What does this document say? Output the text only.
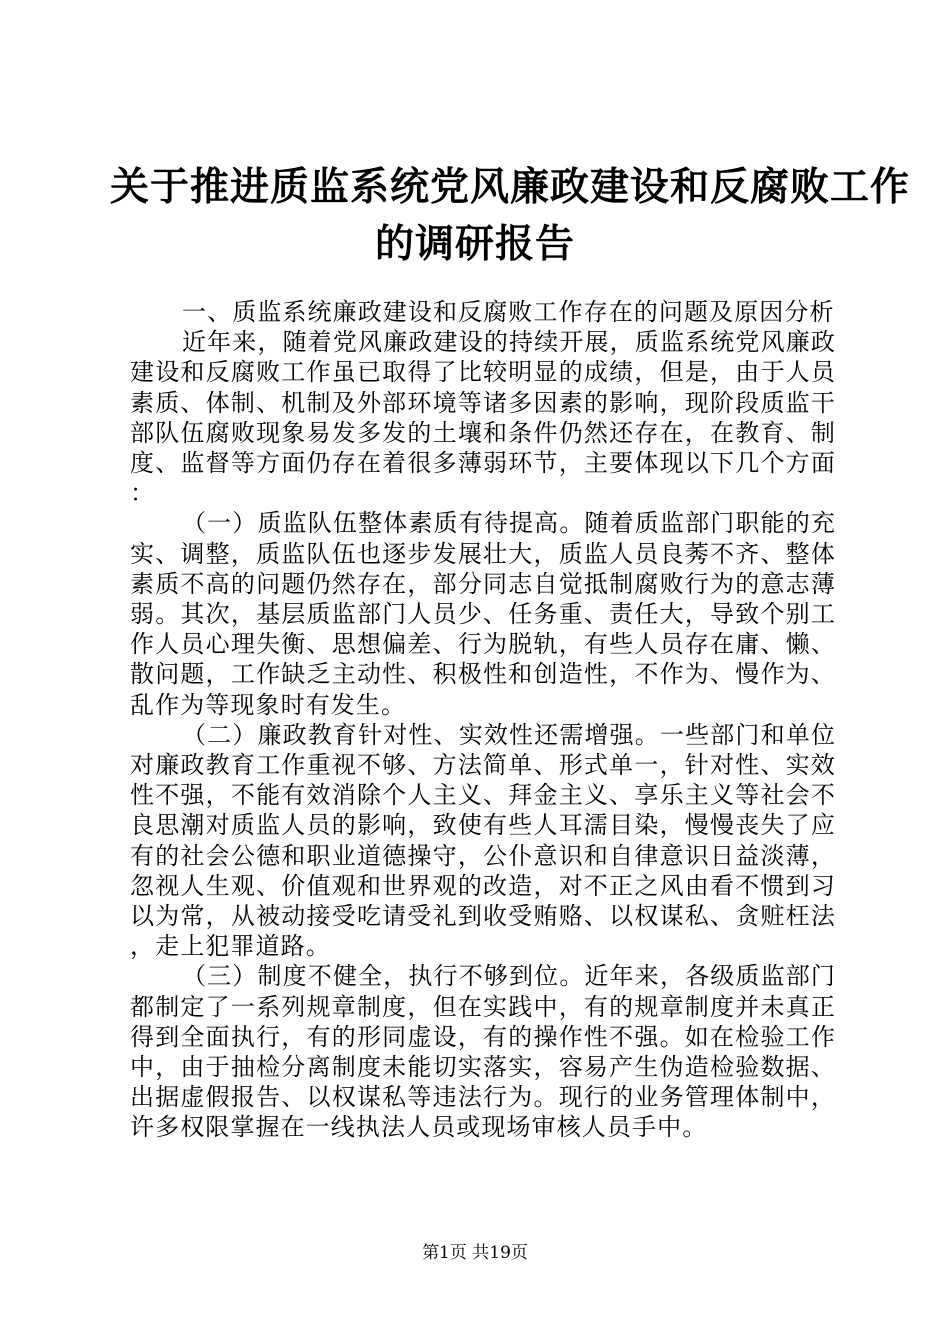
关于推进质监系统党风廉政建设和反腐败工作
的调研报告

一、质监系统廉政建设和反腐败工作存在的问题及原因分析

近年来，随着党风廉政建设的持续开展，质监系统党风廉政建设和反腐败工作虽已取得了比较明显的成绩，但是，由于人员素质、体制、机制及外部环境等诸多因素的影响，现阶段质监干部队伍腐败现象易发多发的土壤和条件仍然还存在，在教育、制度、监督等方面仍存在着很多薄弱环节，主要体现以下几个方面：

（一）质监队伍整体素质有待提高。随着质监部门职能的充实、调整，质监队伍也逐步发展壮大，质监人员良莠不齐、整体素质不高的问题仍然存在，部分同志自觉抵制腐败行为的意志薄弱。其次，基层质监部门人员少、任务重、责任大，导致个别工作人员心理失衡、思想偏差、行为脱轨，有些人员存在庸、懒、散问题，工作缺乏主动性、积极性和创造性，不作为、慢作为、乱作为等现象时有发生。

（二）廉政教育针对性、实效性还需增强。一些部门和单位对廉政教育工作重视不够、方法简单、形式单一，针对性、实效性不强，不能有效消除个人主义、拜金主义、享乐主义等社会不良思潮对质监人员的影响，致使有些人耳濡目染，慢慢丧失了应有的社会公德和职业道德操守，公仆意识和自律意识日益淡薄，忽视人生观、价值观和世界观的改造，对不正之风由看不惯到习以为常，从被动接受吃请受礼到收受贿赂、以权谋私、贪赃枉法，走上犯罪道路。

（三）制度不健全，执行不够到位。近年来，各级质监部门都制定了一系列规章制度，但在实践中，有的规章制度并未真正得到全面执行，有的形同虚设，有的操作性不强。如在检验工作中，由于抽检分离制度未能切实落实，容易产生伪造检验数据、出据虚假报告、以权谋私等违法行为。现行的业务管理体制中，许多权限掌握在一线执法人员或现场审核人员手中。

第1页 共19页
